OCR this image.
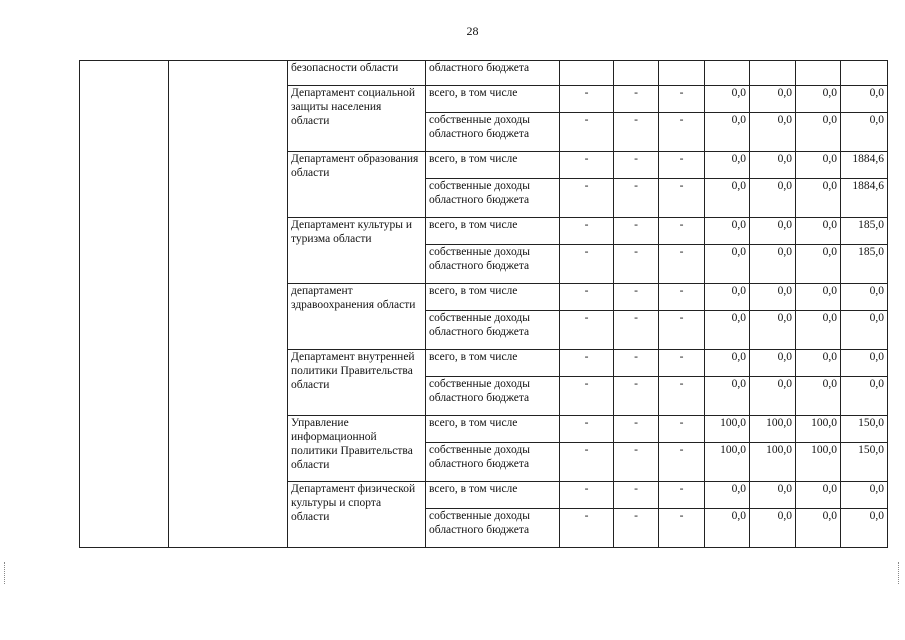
28
		безопасности области	областного бюджета							
		Департамент социальной защиты населения области	всего, в том числе	-	-	-	0,0	0,0	0,0	0,0
			собственные доходы областного бюджета	-	-	-	0,0	0,0	0,0	0,0
		Департамент образования области	всего, в том числе	-	-	-	0,0	0,0	0,0	1884,6
			собственные доходы областного бюджета	-	-	-	0,0	0,0	0,0	1884,6
		Департамент культуры и туризма области	всего, в том числе	-	-	-	0,0	0,0	0,0	185,0
			собственные доходы областного бюджета	-	-	-	0,0	0,0	0,0	185,0
		департамент здравоохранения области	всего, в том числе	-	-	-	0,0	0,0	0,0	0,0
			собственные доходы областного бюджета	-	-	-	0,0	0,0	0,0	0,0
		Департамент внутренней политики Правительства области	всего, в том числе	-	-	-	0,0	0,0	0,0	0,0
			собственные доходы областного бюджета	-	-	-	0,0	0,0	0,0	0,0
		Управление информационной политики Правительства области	всего, в том числе	-	-	-	100,0	100,0	100,0	150,0
			собственные доходы областного бюджета	-	-	-	100,0	100,0	100,0	150,0
		Департамент физической культуры и спорта области	всего, в том числе	-	-	-	0,0	0,0	0,0	0,0
			собственные доходы областного бюджета	-	-	-	0,0	0,0	0,0	0,0
